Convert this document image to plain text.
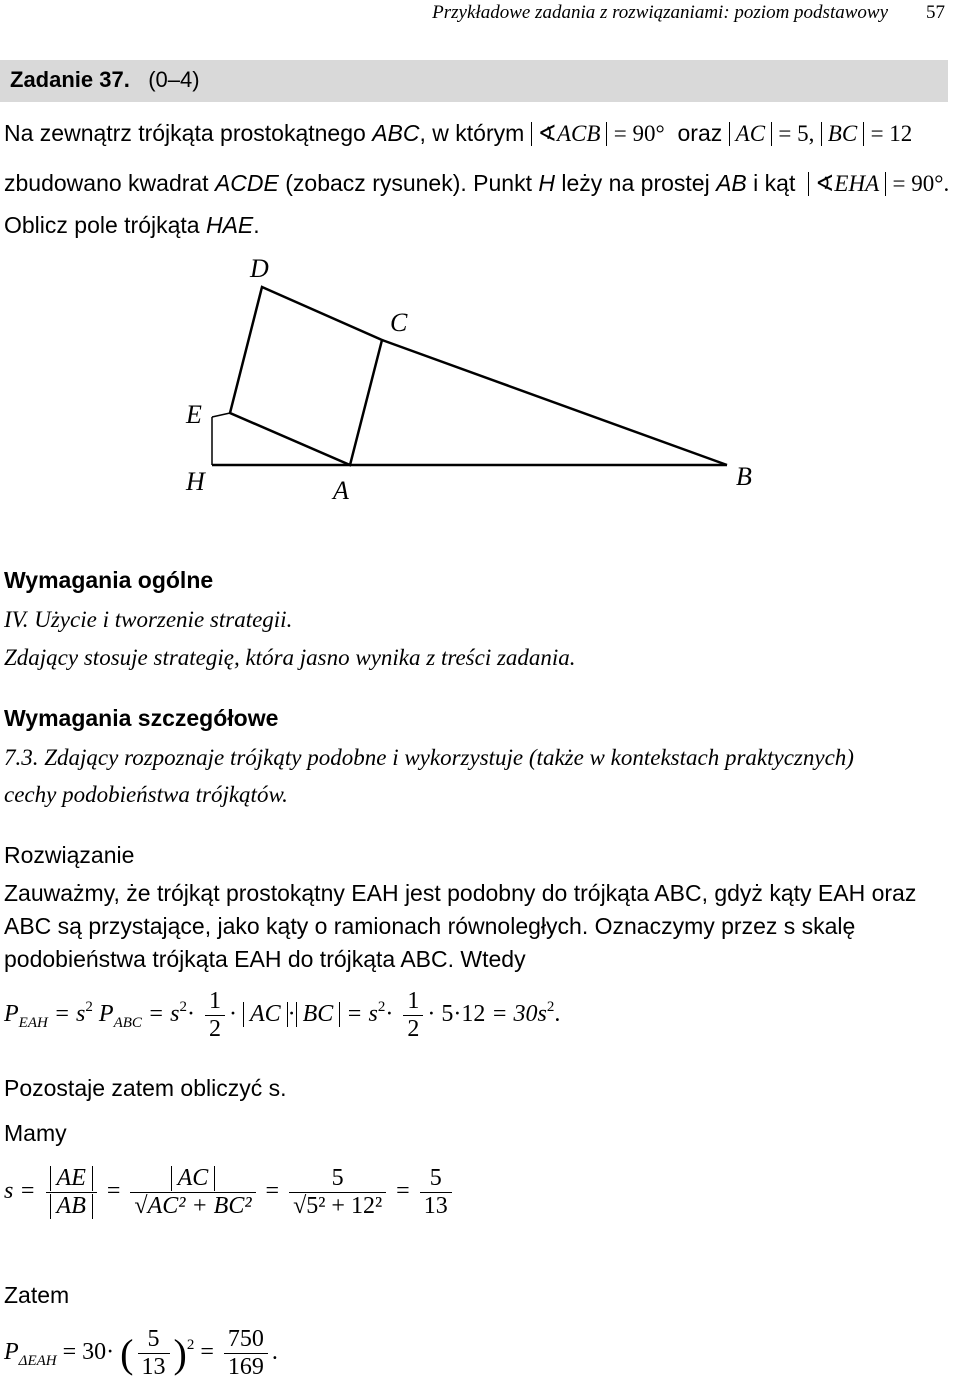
Przykładowe zadania z rozwiązaniami: poziom podstawowy 57
Zadanie 37. (0–4)
Na zewnątrz trójkąta prostokątnego ABC, w którym ∢ACB = 90° oraz AC = 5, BC = 12
zbudowano kwadrat ACDE (zobacz rysunek). Punkt H leży na prostej AB i kąt ∢EHA = 90°.
Oblicz pole trójkąta HAE.
D
C
E
H	A	B
Wymagania ogólne
IV. Użycie i tworzenie strategii.
Zdający stosuje strategię, która jasno wynika z treści zadania.
Wymagania szczegółowe
7.3. Zdający rozpoznaje trójkąty podobne i wykorzystuje (także w kontekstach praktycznych)
cechy podobieństwa trójkątów.
Rozwiązanie
Zauważmy, że trójkąt prostokątny EAH jest podobny do trójkąta ABC, gdyż kąty EAH oraz
ABC są przystające, jako kąty o ramionach równoległych. Oznaczymy przez s skalę
podobieństwa trójkąta EAH do trójkąta ABC. Wtedy
$P_{EAH} = s^2$ $P_{ABC} = s^2\cdot \frac{1}{2}$ · AC · BC = $s^2\cdot \frac{1}{2} \cdot 5\cdot 12 = 30s^2$.
Pozostaje zatem obliczyć s.
Mamy
$s = \frac{AE}{AB} = \frac{AC}{\text{√AC² + BC²}} = \frac{5}{\text{√5² + 12²}} = \frac{5}{13}$
Zatem
$P_{\Delta EAH} = 30\cdot$ ( $\frac{5}{13} )^2 = \frac{750}{169}$ .
